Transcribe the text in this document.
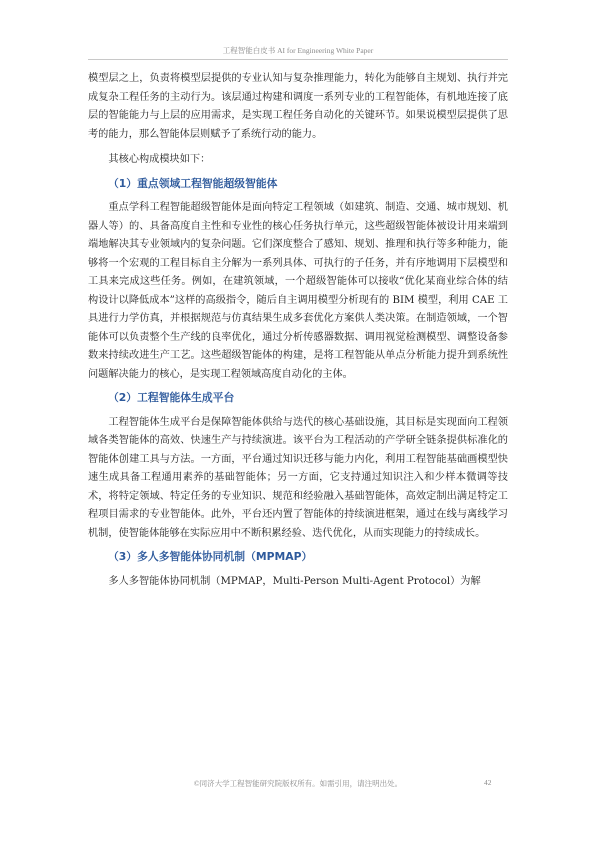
工程智能白皮书 AI for Engineering White Paper

模型层之上，负责将模型层提供的专业认知与复杂推理能力，转化为能够自主规划、执行并完成复杂工程任务的主动行为。该层通过构建和调度一系列专业的工程智能体，有机地连接了底层的智能能力与上层的应用需求，是实现工程任务自动化的关键环节。如果说模型层提供了思考的能力，那么智能体层则赋予了系统行动的能力。

其核心构成模块如下：

（1）重点领域工程智能超级智能体

重点学科工程智能超级智能体是面向特定工程领域（如建筑、制造、交通、城市规划、机器人等）的、具备高度自主性和专业性的核心任务执行单元，这些超级智能体被设计用来端到端地解决其专业领域内的复杂问题。它们深度整合了感知、规划、推理和执行等多种能力，能够将一个宏观的工程目标自主分解为一系列具体、可执行的子任务，并有序地调用下层模型和工具来完成这些任务。例如，在建筑领域，一个超级智能体可以接收“优化某商业综合体的结构设计以降低成本”这样的高级指令，随后自主调用模型分析现有的 BIM 模型，利用 CAE 工具进行力学仿真，并根据规范与仿真结果生成多套优化方案供人类决策。在制造领域，一个智能体可以负责整个生产线的良率优化，通过分析传感器数据、调用视觉检测模型、调整设备参数来持续改进生产工艺。这些超级智能体的构建，是将工程智能从单点分析能力提升到系统性问题解决能力的核心，是实现工程领域高度自动化的主体。

（2）工程智能体生成平台

工程智能体生成平台是保障智能体供给与迭代的核心基础设施，其目标是实现面向工程领域各类智能体的高效、快速生产与持续演进。该平台为工程活动的产学研全链条提供标准化的智能体创建工具与方法。一方面，平台通过知识迁移与能力内化，利用工程智能基础画模型快速生成具备工程通用素养的基础智能体；另一方面，它支持通过知识注入和少样本微调等技术，将特定领域、特定任务的专业知识、规范和经验融入基础智能体，高效定制出满足特定工程项目需求的专业智能体。此外，平台还内置了智能体的持续演进框架，通过在线与离线学习机制，使智能体能够在实际应用中不断积累经验、迭代优化，从而实现能力的持续成长。

（3）多人多智能体协同机制（MPMAP）

多人多智能体协同机制（MPMAP，Multi-Person Multi-Agent Protocol）为解

©同济大学工程智能研究院版权所有。如需引用，请注明出处。	42
